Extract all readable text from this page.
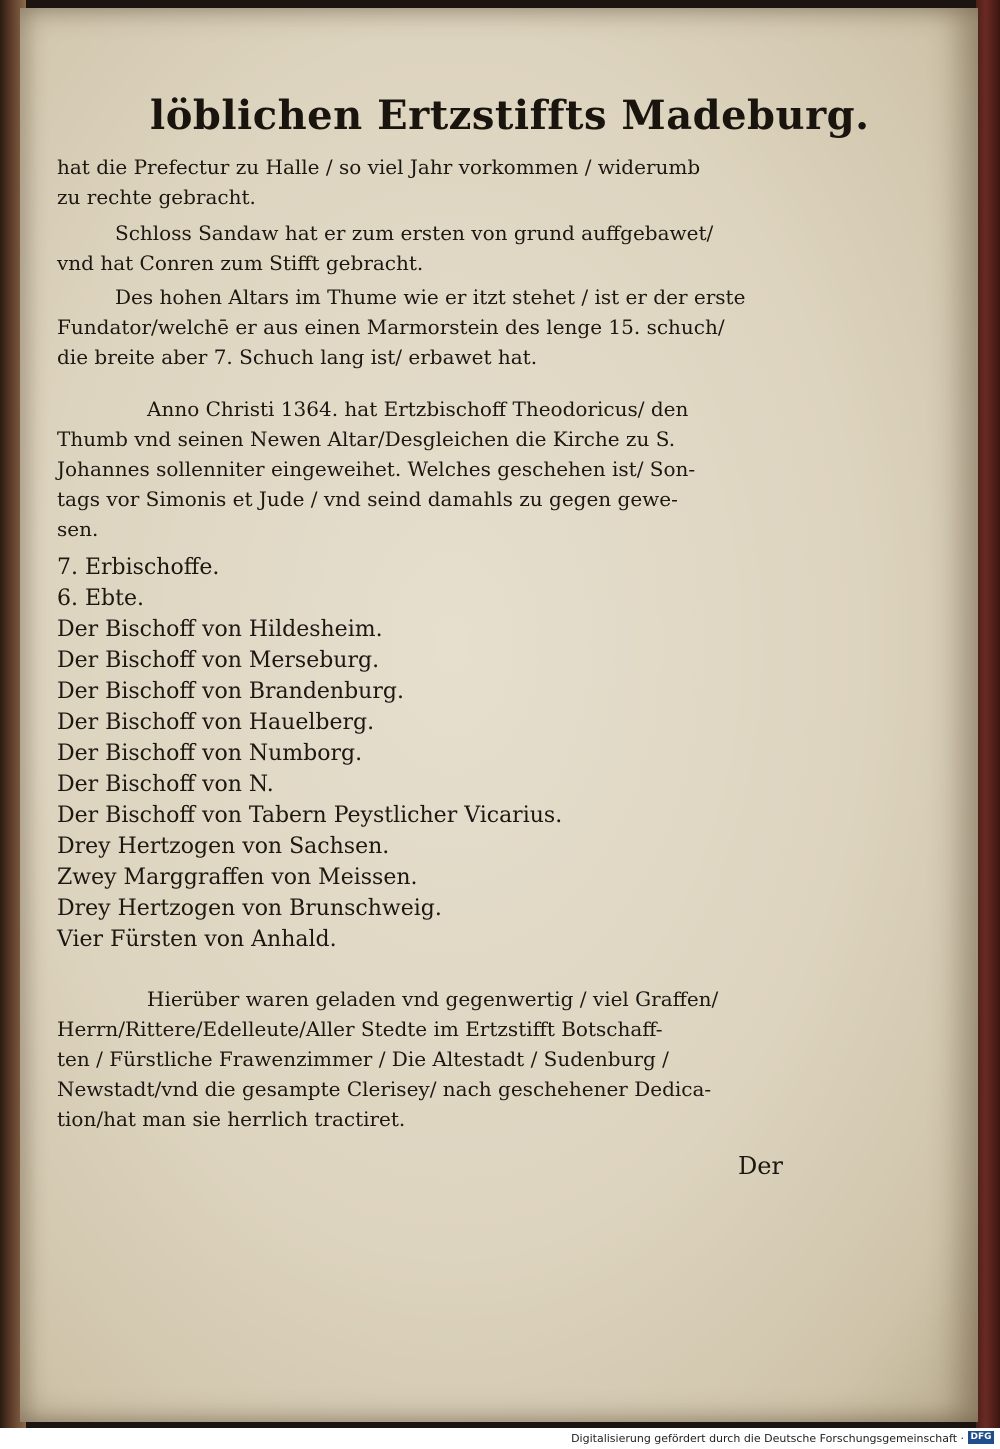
löblichen Ertzstiffts Madeburg.
hat die Prefectur zu Halle / so viel Jahr vorkommen / widerumb
zu rechte gebracht.
Schloss Sandaw hat er zum ersten von grund auffgebawet/
vnd hat Conren zum Stifft gebracht.
Des hohen Altars im Thume wie er itzt stehet / ist er der erste
Fundator/welchē er aus einen Marmorstein des lenge 15. schuch/
die breite aber 7. Schuch lang ist/ erbawet hat.
Anno Christi 1364. hat Ertzbischoff Theodoricus/ den
Thumb vnd seinen Newen Altar/Desgleichen die Kirche zu S.
Johannes sollenniter eingeweihet. Welches geschehen ist/ Son-
tags vor Simonis et Jude / vnd seind damahls zu gegen gewe-
sen.
7. Erbischoffe.
6. Ebte.
Der Bischoff von Hildesheim.
Der Bischoff von Merseburg.
Der Bischoff von Brandenburg.
Der Bischoff von Hauelberg.
Der Bischoff von Numborg.
Der Bischoff von N.
Der Bischoff von Tabern Peystlicher Vicarius.
Drey Hertzogen von Sachsen.
Zwey Marggraffen von Meissen.
Drey Hertzogen von Brunschweig.
Vier Fürsten von Anhald.
Hierüber waren geladen vnd gegenwertig / viel Graffen/
Herrn/Rittere/Edelleute/Aller Stedte im Ertzstifft Botschaff-
ten / Fürstliche Frawenzimmer / Die Altestadt / Sudenburg /
Newstadt/vnd die gesampte Clerisey/ nach geschehener Dedica-
tion/hat man sie herrlich tractiret.
Der
Digitalisierung gefördert durch die Deutsche Forschungsgemeinschaft · DFG
